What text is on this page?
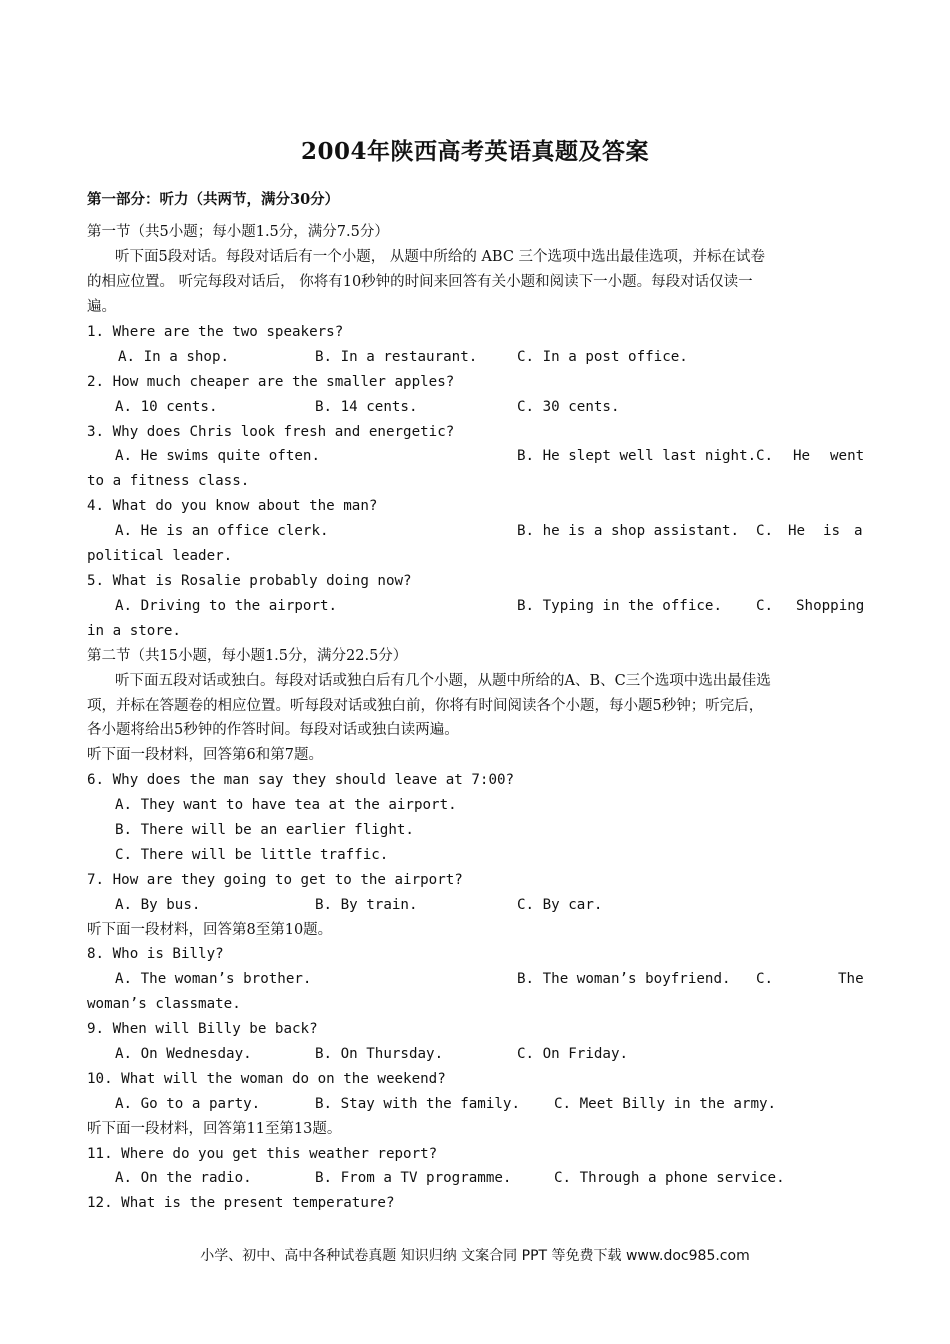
2004年陕西高考英语真题及答案
第一部分：听力（共两节，满分30分）
第一节（共5小题；每小题1.5分，满分7.5分）
听下面5段对话。每段对话后有一个小题， 从题中所给的 ABC 三个选项中选出最佳选项，并标在试卷
的相应位置。 听完每段对话后， 你将有10秒钟的时间来回答有关小题和阅读下一小题。每段对话仅读一
遍。
1. Where are the two speakers?
A. In a shop.	B. In a restaurant.	C. In a post office.
2. How much cheaper are the smaller apples?
A. 10 cents.	B. 14 cents.	C. 30 cents.
3. Why does Chris look fresh and energetic?
A. He swims quite often.	B. He slept well last night. C. He went
to a fitness class.
4. What do you know about the man?
A. He is an office clerk.	B. he is a shop assistant. C. He is a
political leader.
5. What is Rosalie probably doing now?
A. Driving to the airport.	B. Typing in the office. C. Shopping
in a store.
第二节（共15小题，每小题1.5分，满分22.5分）
听下面五段对话或独白。每段对话或独白后有几个小题，从题中所给的A、B、C三个选项中选出最佳选
项，并标在答题卷的相应位置。听每段对话或独白前，你将有时间阅读各个小题，每小题5秒钟；听完后，
各小题将给出5秒钟的作答时间。每段对话或独白读两遍。
听下面一段材料，回答第6和第7题。
6. Why does the man say they should leave at 7:00?
A. They want to have tea at the airport.
B. There will be an earlier flight.
C. There will be little traffic.
7. How are they going to get to the airport?
A. By bus.	B. By train.	C. By car.
听下面一段材料，回答第8至第10题。
8. Who is Billy?
A. The woman’s brother.	B. The woman’s boyfriend. C.	The
woman’s classmate.
9. When will Billy be back?
A. On Wednesday.	B. On Thursday.	C. On Friday.
10. What will the woman do on the weekend?
A. Go to a party.	B. Stay with the family. C. Meet Billy in the army.
听下面一段材料，回答第11至第13题。
11. Where do you get this weather report?
A. On the radio.	B. From a TV programme.	C. Through a phone service.
12. What is the present temperature?
小学、初中、高中各种试卷真题 知识归纳 文案合同 PPT 等免费下载 www.doc985.com
